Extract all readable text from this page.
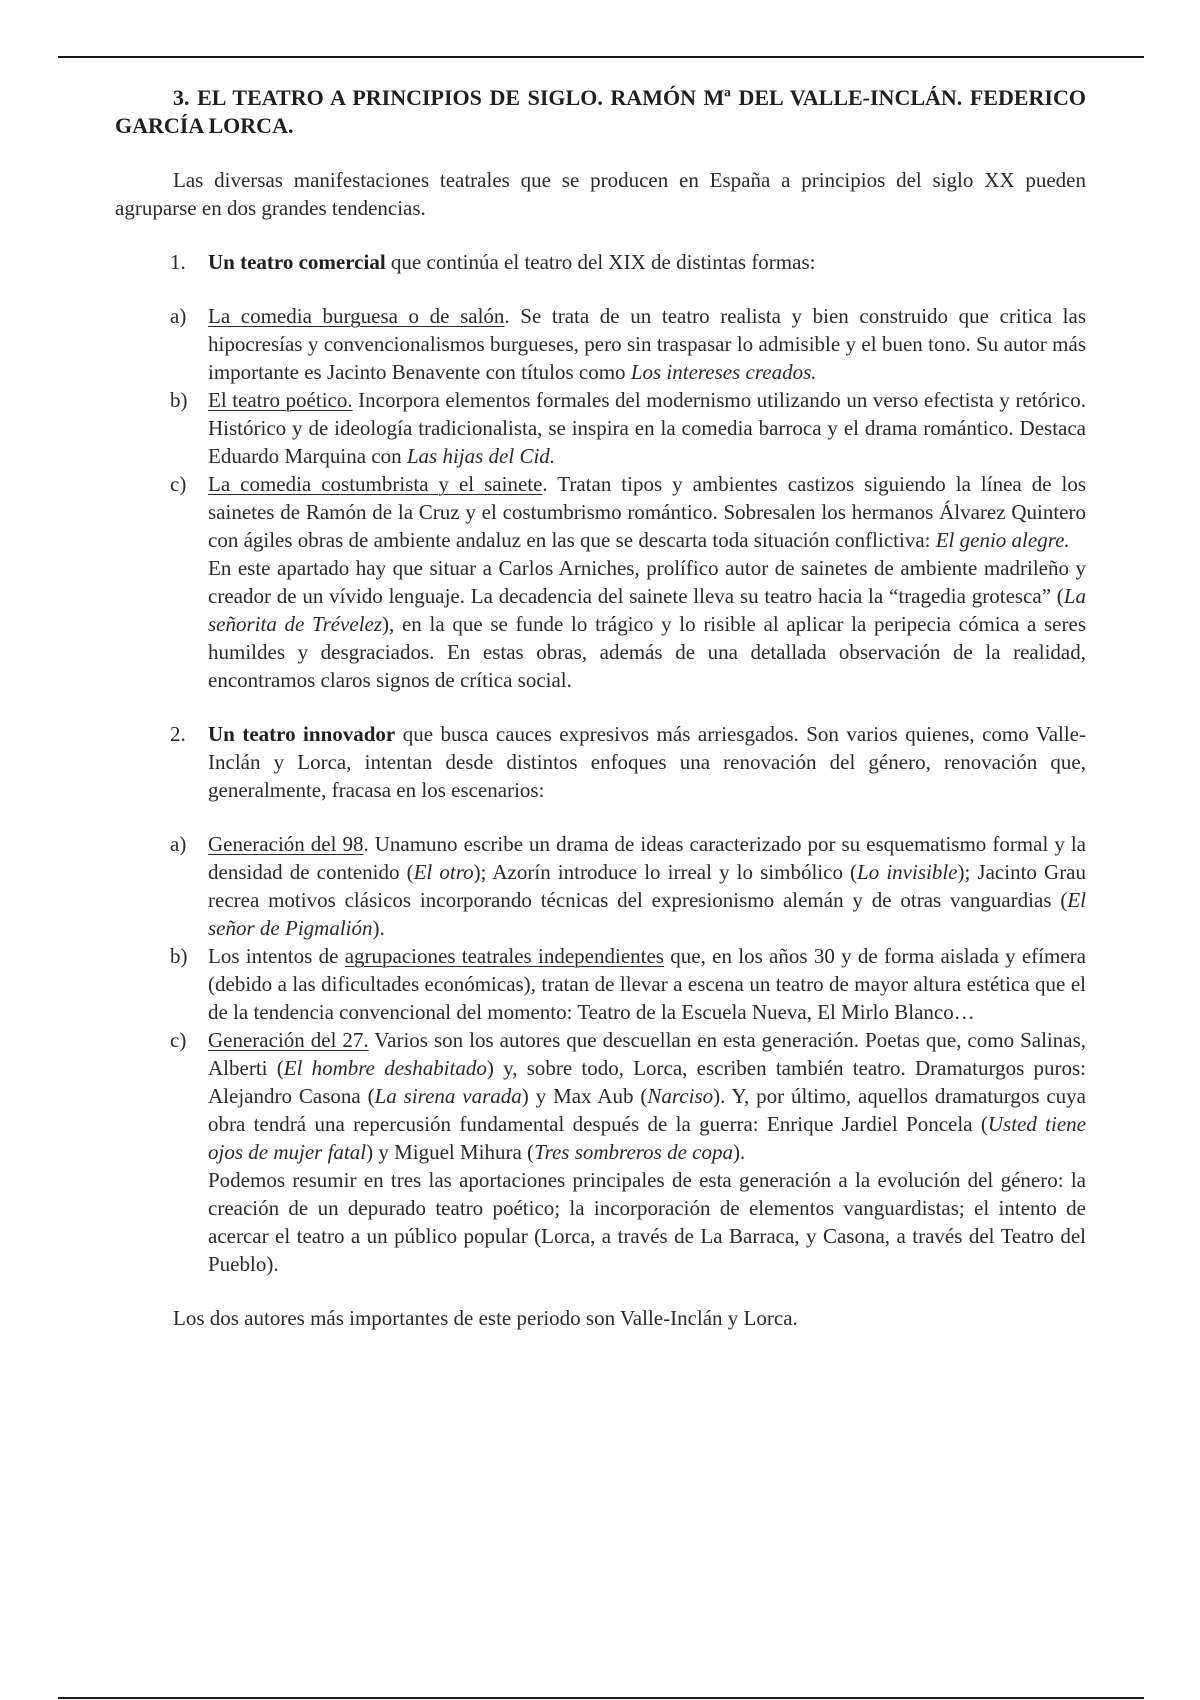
3. EL TEATRO A PRINCIPIOS DE SIGLO. RAMÓN Mª DEL VALLE-INCLÁN. FEDERICO GARCÍA LORCA.

Las diversas manifestaciones teatrales que se producen en España a principios del siglo XX pueden agruparse en dos grandes tendencias.

1. Un teatro comercial que continúa el teatro del XIX de distintas formas:

a) La comedia burguesa o de salón. Se trata de un teatro realista y bien construido que critica las hipocresías y convencionalismos burgueses, pero sin traspasar lo admisible y el buen tono. Su autor más importante es Jacinto Benavente con títulos como Los intereses creados.

b) El teatro poético. Incorpora elementos formales del modernismo utilizando un verso efectista y retórico. Histórico y de ideología tradicionalista, se inspira en la comedia barroca y el drama romántico. Destaca Eduardo Marquina con Las hijas del Cid.

c) La comedia costumbrista y el sainete. Tratan tipos y ambientes castizos siguiendo la línea de los sainetes de Ramón de la Cruz y el costumbrismo romántico. Sobresalen los hermanos Álvarez Quintero con ágiles obras de ambiente andaluz en las que se descarta toda situación conflictiva: El genio alegre.

En este apartado hay que situar a Carlos Arniches, prolífico autor de sainetes de ambiente madrileño y creador de un vívido lenguaje. La decadencia del sainete lleva su teatro hacia la “tragedia grotesca” (La señorita de Trévelez), en la que se funde lo trágico y lo risible al aplicar la peripecia cómica a seres humildes y desgraciados. En estas obras, además de una detallada observación de la realidad, encontramos claros signos de crítica social.

2. Un teatro innovador que busca cauces expresivos más arriesgados. Son varios quienes, como Valle-Inclán y Lorca, intentan desde distintos enfoques una renovación del género, renovación que, generalmente, fracasa en los escenarios:

a) Generación del 98. Unamuno escribe un drama de ideas caracterizado por su esquematismo formal y la densidad de contenido (El otro); Azorín introduce lo irreal y lo simbólico (Lo invisible); Jacinto Grau recrea motivos clásicos incorporando técnicas del expresionismo alemán y de otras vanguardias (El señor de Pigmalión).

b) Los intentos de agrupaciones teatrales independientes que, en los años 30 y de forma aislada y efímera (debido a las dificultades económicas), tratan de llevar a escena un teatro de mayor altura estética que el de la tendencia convencional del momento: Teatro de la Escuela Nueva, El Mirlo Blanco…

c) Generación del 27. Varios son los autores que descuellan en esta generación. Poetas que, como Salinas, Alberti (El hombre deshabitado) y, sobre todo, Lorca, escriben también teatro. Dramaturgos puros: Alejandro Casona (La sirena varada) y Max Aub (Narciso). Y, por último, aquellos dramaturgos cuya obra tendrá una repercusión fundamental después de la guerra: Enrique Jardiel Poncela (Usted tiene ojos de mujer fatal) y Miguel Mihura (Tres sombreros de copa).

Podemos resumir en tres las aportaciones principales de esta generación a la evolución del género: la creación de un depurado teatro poético; la incorporación de elementos vanguardistas; el intento de acercar el teatro a un público popular (Lorca, a través de La Barraca, y Casona, a través del Teatro del Pueblo).

Los dos autores más importantes de este periodo son Valle-Inclán y Lorca.
